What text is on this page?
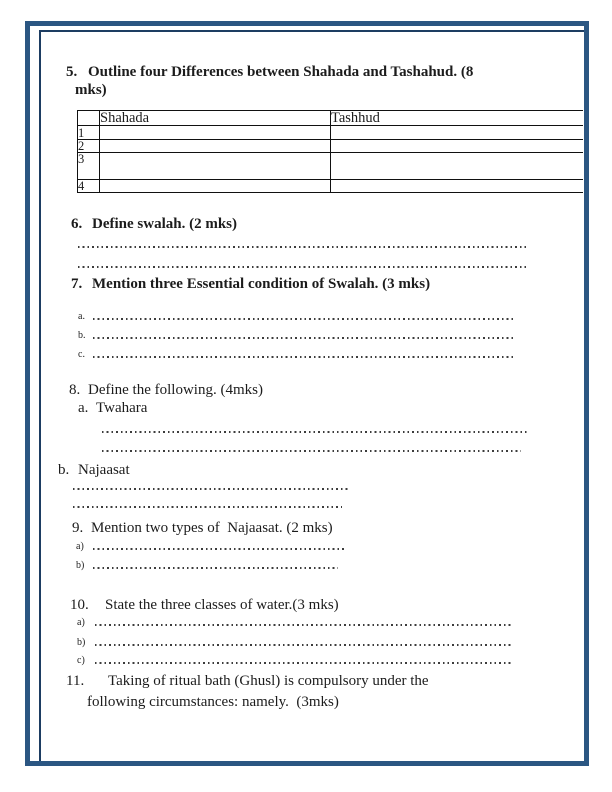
5. Outline four Differences between Shahada and Tashahud. (8
mks)
	Shahada	Tashhud
1		
2		
3		
4		
6. Define swalah. (2 mks)
7. Mention three Essential condition of Swalah. (3 mks)
a.
b.
c.
8. Define the following. (4mks)
a. Twahara
b. Najaasat
9. Mention two types of  Najaasat. (2 mks)
a)
b)
10. State the three classes of water.(3 mks)
a)
b)
c)
11. Taking of ritual bath (Ghusl) is compulsory under the
following circumstances: namely.  (3mks)
